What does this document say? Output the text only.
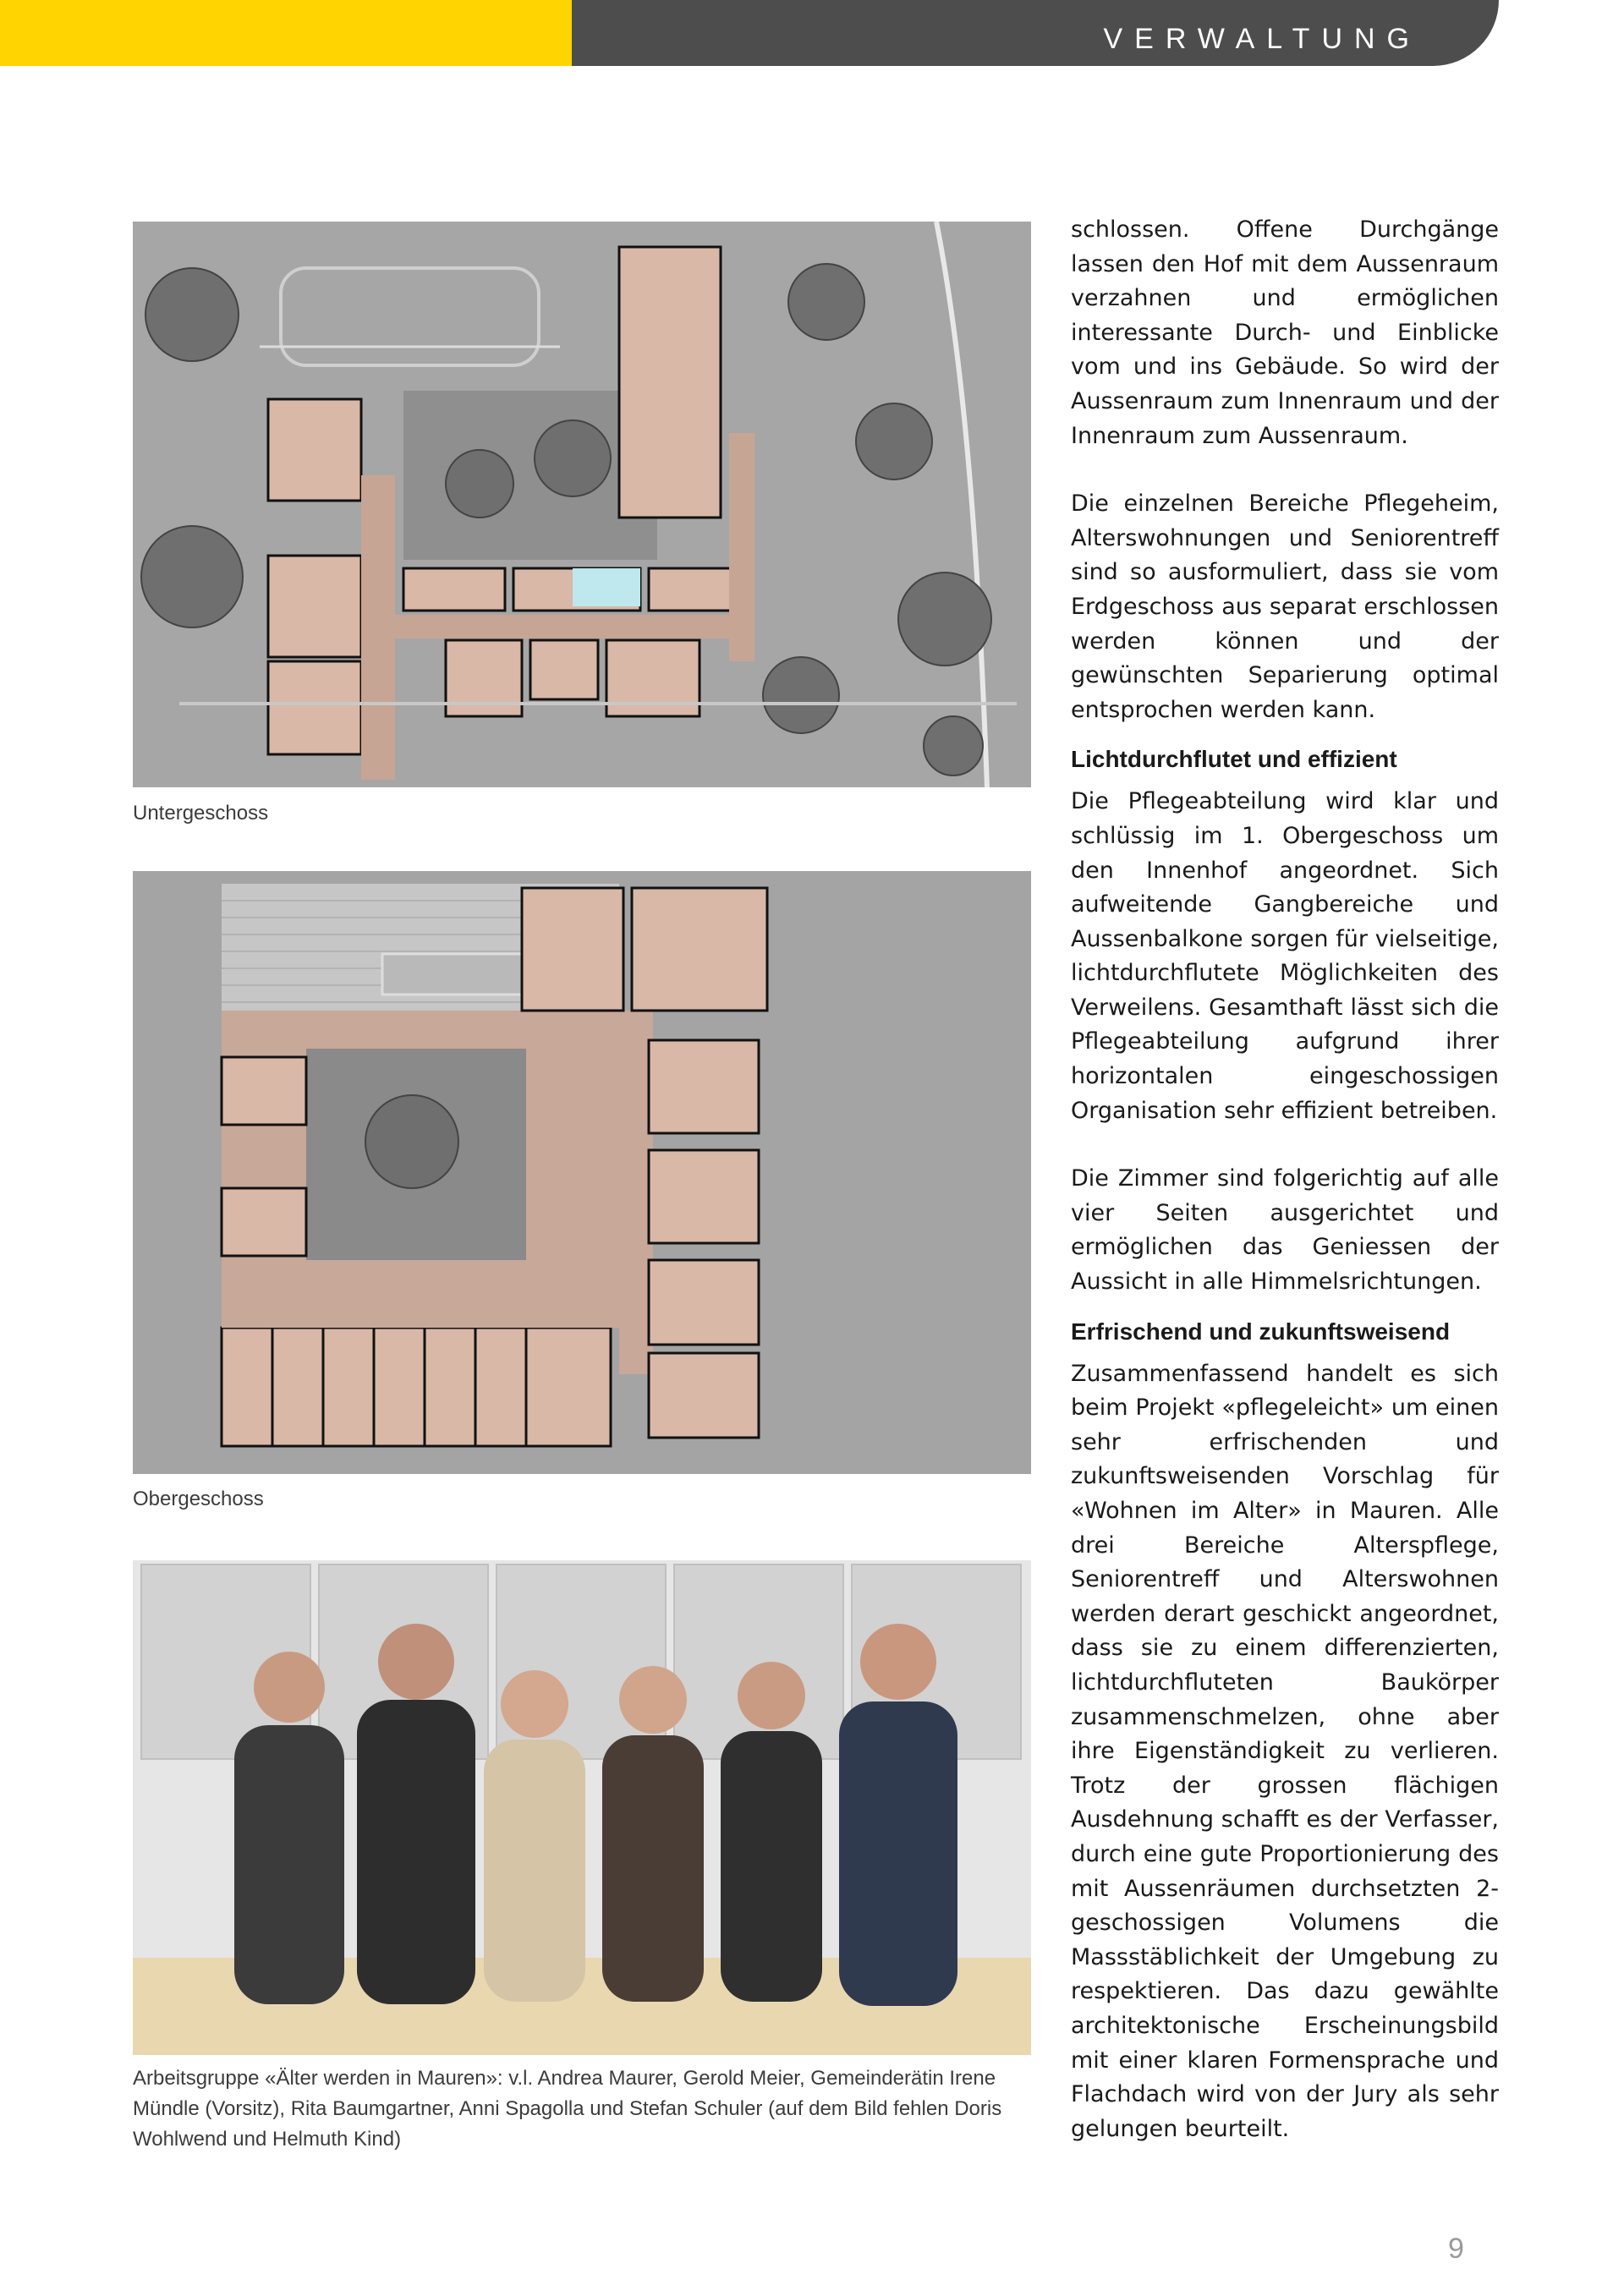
VERWALTUNG
Untergeschoss
Obergeschoss
Arbeitsgruppe «Älter werden in Mauren»: v.l. Andrea Maurer, Gerold Meier, Gemeinderätin Irene Mündle (Vorsitz), Rita Baumgartner, Anni Spagolla und Stefan Schuler (auf dem Bild fehlen Doris Wohlwend und Helmuth Kind)

schlossen. Offene Durchgänge lassen den Hof mit dem Aussenraum verzahnen und ermöglichen interessante Durch- und Einblicke vom und ins Gebäude. So wird der Aussenraum zum Innenraum und der Innenraum zum Aussenraum.

Die einzelnen Bereiche Pflegeheim, Alterswohnungen und Seniorentreff sind so ausformuliert, dass sie vom Erdgeschoss aus separat erschlossen werden können und der gewünschten Separierung optimal entsprochen werden kann.

Lichtdurchflutet und effizient

Die Pflegeabteilung wird klar und schlüssig im 1. Obergeschoss um den Innenhof angeordnet. Sich aufweitende Gangbereiche und Aussenbalkone sorgen für vielseitige, lichtdurchflutete Möglichkeiten des Verweilens. Gesamthaft lässt sich die Pflegeabteilung aufgrund ihrer horizontalen eingeschossigen Organisation sehr effizient betreiben.

Die Zimmer sind folgerichtig auf alle vier Seiten ausgerichtet und ermöglichen das Geniessen der Aussicht in alle Himmelsrichtungen.

Erfrischend und zukunftsweisend

Zusammenfassend handelt es sich beim Projekt «pflegeleicht» um einen sehr erfrischenden und zukunftsweisenden Vorschlag für «Wohnen im Alter» in Mauren. Alle drei Bereiche Alterspflege, Seniorentreff und Alterswohnen werden derart geschickt angeordnet, dass sie zu einem differenzierten, lichtdurchfluteten Baukörper zusammenschmelzen, ohne aber ihre Eigenständigkeit zu verlieren. Trotz der grossen flächigen Ausdehnung schafft es der Verfasser, durch eine gute Proportionierung des mit Aussenräumen durchsetzten 2-geschossigen Volumens die Massstäblichkeit der Umgebung zu respektieren. Das dazu gewählte architektonische Erscheinungsbild mit einer klaren Formensprache und Flachdach wird von der Jury als sehr gelungen beurteilt.

9
